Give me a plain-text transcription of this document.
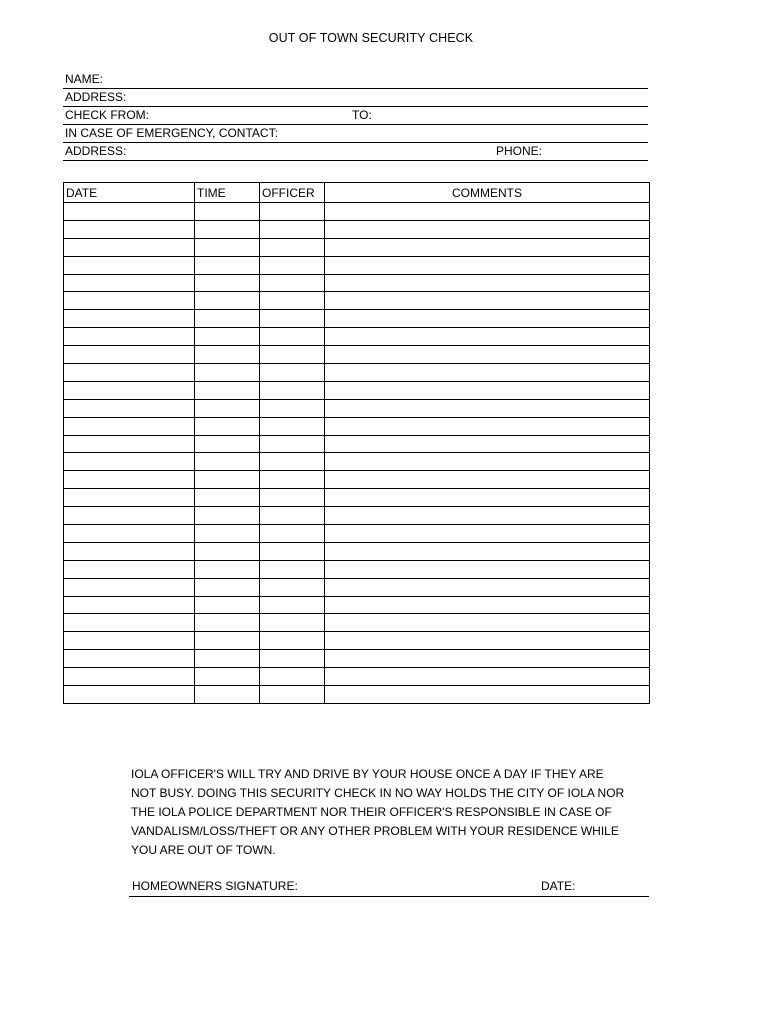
OUT OF TOWN SECURITY CHECK
NAME:
ADDRESS:
CHECK FROM:	TO:
IN CASE OF EMERGENCY, CONTACT:
ADDRESS:	PHONE:
DATE	TIME	OFFICER	COMMENTS

IOLA OFFICER'S WILL TRY AND DRIVE BY YOUR HOUSE ONCE A DAY IF THEY ARE NOT BUSY. DOING THIS SECURITY CHECK IN NO WAY HOLDS THE CITY OF IOLA NOR THE IOLA POLICE DEPARTMENT NOR THEIR OFFICER'S RESPONSIBLE IN CASE OF VANDALISM/LOSS/THEFT OR ANY OTHER PROBLEM WITH YOUR RESIDENCE WHILE YOU ARE OUT OF TOWN.
HOMEOWNERS SIGNATURE:	DATE:
